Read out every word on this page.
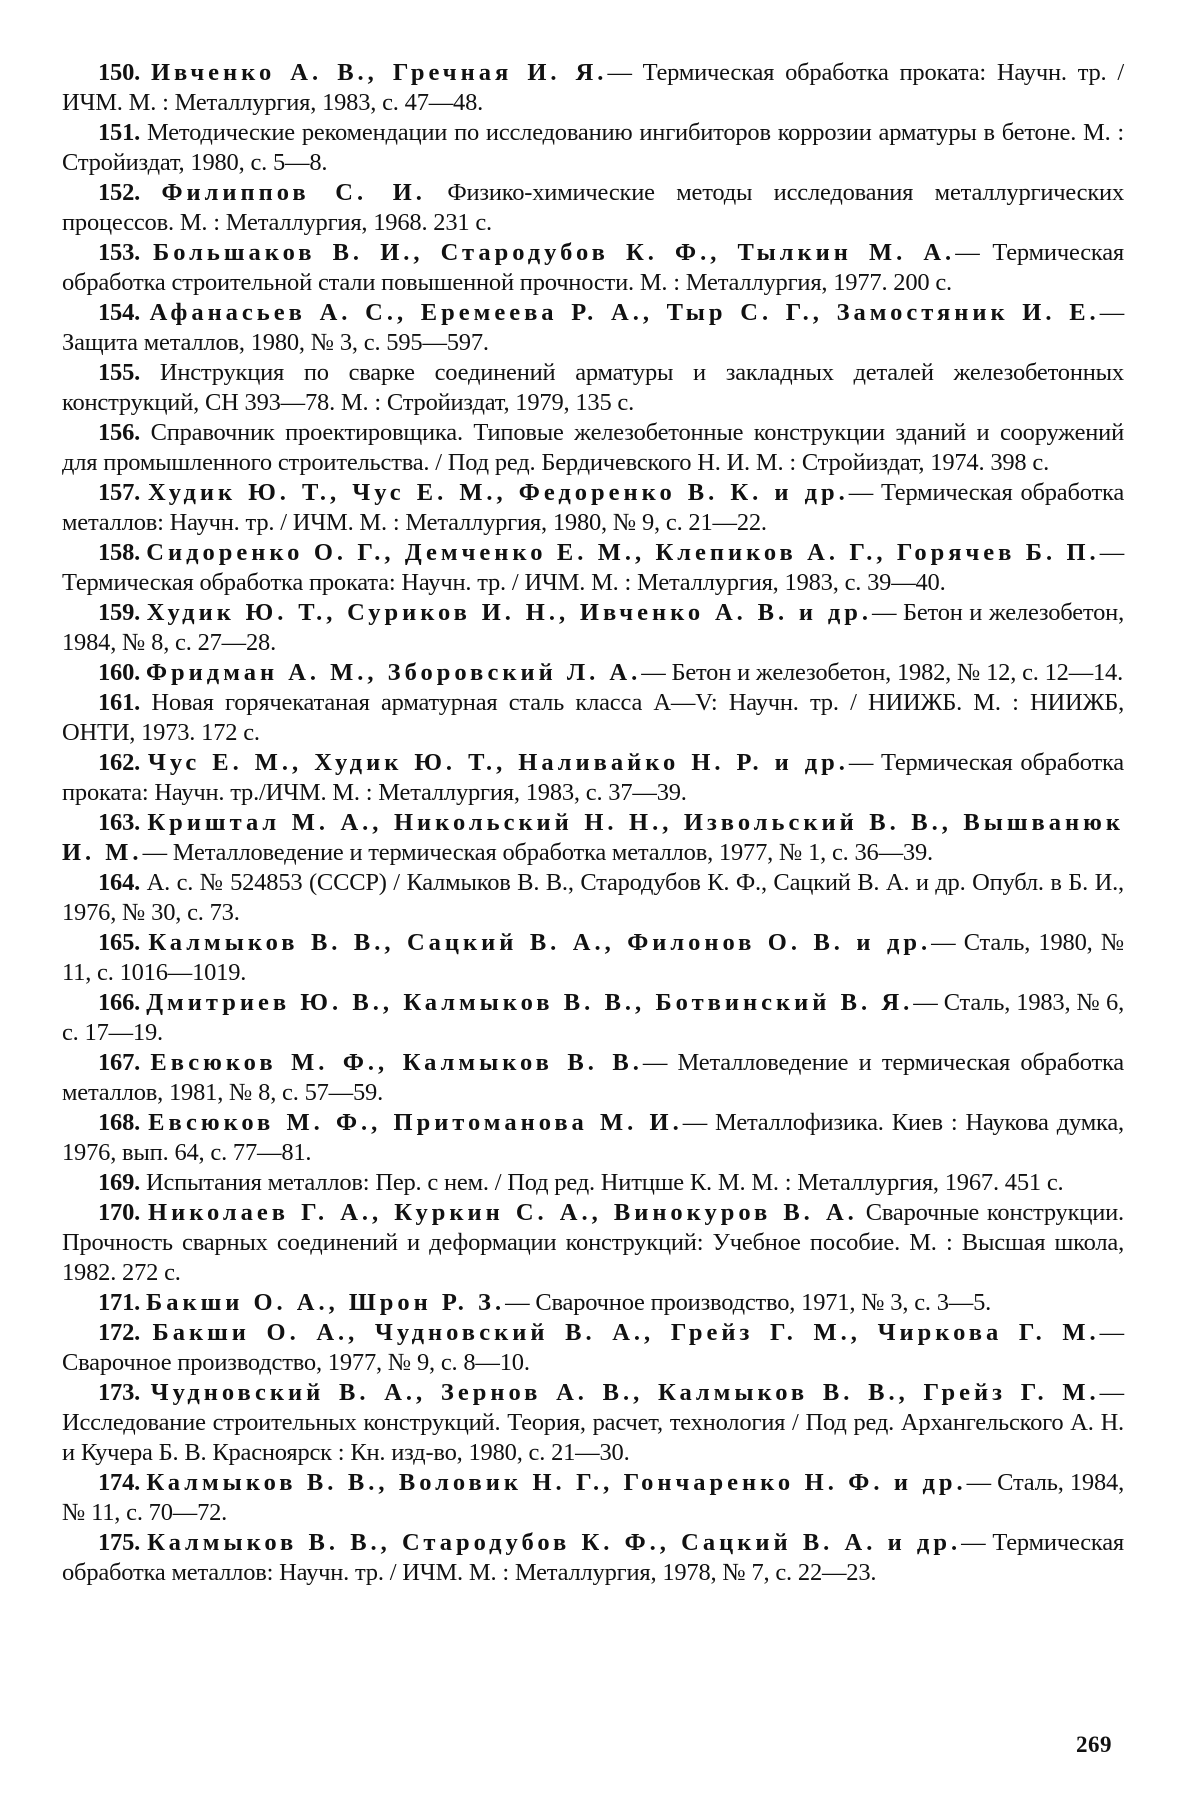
150. Ивченко А. В., Гречная И. Я.— Термическая обработка проката: Научн. тр. / ИЧМ. М. : Металлургия, 1983, с. 47—48.

151. Методические рекомендации по исследованию ингибиторов коррозии арматуры в бетоне. М. : Стройиздат, 1980, с. 5—8.

152. Филиппов С. И. Физико-химические методы исследования металлургических процессов. М. : Металлургия, 1968. 231 с.

153. Большаков В. И., Стародубов К. Ф., Тылкин М. А.— Термическая обработка строительной стали повышенной прочности. М. : Металлургия, 1977. 200 с.

154. Афанасьев А. С., Еремеева Р. А., Тыр С. Г., Замостяник И. Е.— Защита металлов, 1980, № 3, с. 595—597.

155. Инструкция по сварке соединений арматуры и закладных деталей железобетонных конструкций, СН 393—78. М. : Стройиздат, 1979, 135 с.

156. Справочник проектировщика. Типовые железобетонные конструкции зданий и сооружений для промышленного строительства. / Под ред. Бердичевского Н. И. М. : Стройиздат, 1974. 398 с.

157. Худик Ю. Т., Чус Е. М., Федоренко В. К. и др.— Термическая обработка металлов: Научн. тр. / ИЧМ. М. : Металлургия, 1980, № 9, с. 21—22.

158. Сидоренко О. Г., Демченко Е. М., Клепиков А. Г., Горячев Б. П.— Термическая обработка проката: Научн. тр. / ИЧМ. М. : Металлургия, 1983, с. 39—40.

159. Худик Ю. Т., Суриков И. Н., Ивченко А. В. и др.— Бетон и железобетон, 1984, № 8, с. 27—28.

160. Фридман А. М., Зборовский Л. А.— Бетон и железобетон, 1982, № 12, с. 12—14.

161. Новая горячекатаная арматурная сталь класса А—V: Научн. тр. / НИИЖБ. М. : НИИЖБ, ОНТИ, 1973. 172 с.

162. Чус Е. М., Худик Ю. Т., Наливайко Н. Р. и др.— Термическая обработка проката: Научн. тр./ИЧМ. М. : Металлургия, 1983, с. 37—39.

163. Криштал М. А., Никольский Н. Н., Извольский В. В., Вышванюк И. М.— Металловедение и термическая обработка металлов, 1977, № 1, с. 36—39.

164. А. с. № 524853 (СССР) / Калмыков В. В., Стародубов К. Ф., Сацкий В. А. и др. Опубл. в Б. И., 1976, № 30, с. 73.

165. Калмыков В. В., Сацкий В. А., Филонов О. В. и др.— Сталь, 1980, № 11, с. 1016—1019.

166. Дмитриев Ю. В., Калмыков В. В., Ботвинский В. Я.— Сталь, 1983, № 6, с. 17—19.

167. Евсюков М. Ф., Калмыков В. В.— Металловедение и термическая обработка металлов, 1981, № 8, с. 57—59.

168. Евсюков М. Ф., Притоманова М. И.— Металлофизика. Киев : Наукова думка, 1976, вып. 64, с. 77—81.

169. Испытания металлов: Пер. с нем. / Под ред. Нитцше К. М. М. : Металлургия, 1967. 451 с.

170. Николаев Г. А., Куркин С. А., Винокуров В. А. Сварочные конструкции. Прочность сварных соединений и деформации конструкций: Учебное пособие. М. : Высшая школа, 1982. 272 с.

171. Бакши О. А., Шрон Р. З.— Сварочное производство, 1971, № 3, с. 3—5.

172. Бакши О. А., Чудновский В. А., Грейз Г. М., Чиркова Г. М.— Сварочное производство, 1977, № 9, с. 8—10.

173. Чудновский В. А., Зернов А. В., Калмыков В. В., Грейз Г. М.— Исследование строительных конструкций. Теория, расчет, технология / Под ред. Архангельского А. Н. и Кучера Б. В. Красноярск : Кн. изд-во, 1980, с. 21—30.

174. Калмыков В. В., Воловик Н. Г., Гончаренко Н. Ф. и др.— Сталь, 1984, № 11, с. 70—72.

175. Калмыков В. В., Стародубов К. Ф., Сацкий В. А. и др.— Термическая обработка металлов: Научн. тр. / ИЧМ. М. : Металлургия, 1978, № 7, с. 22—23.

269
